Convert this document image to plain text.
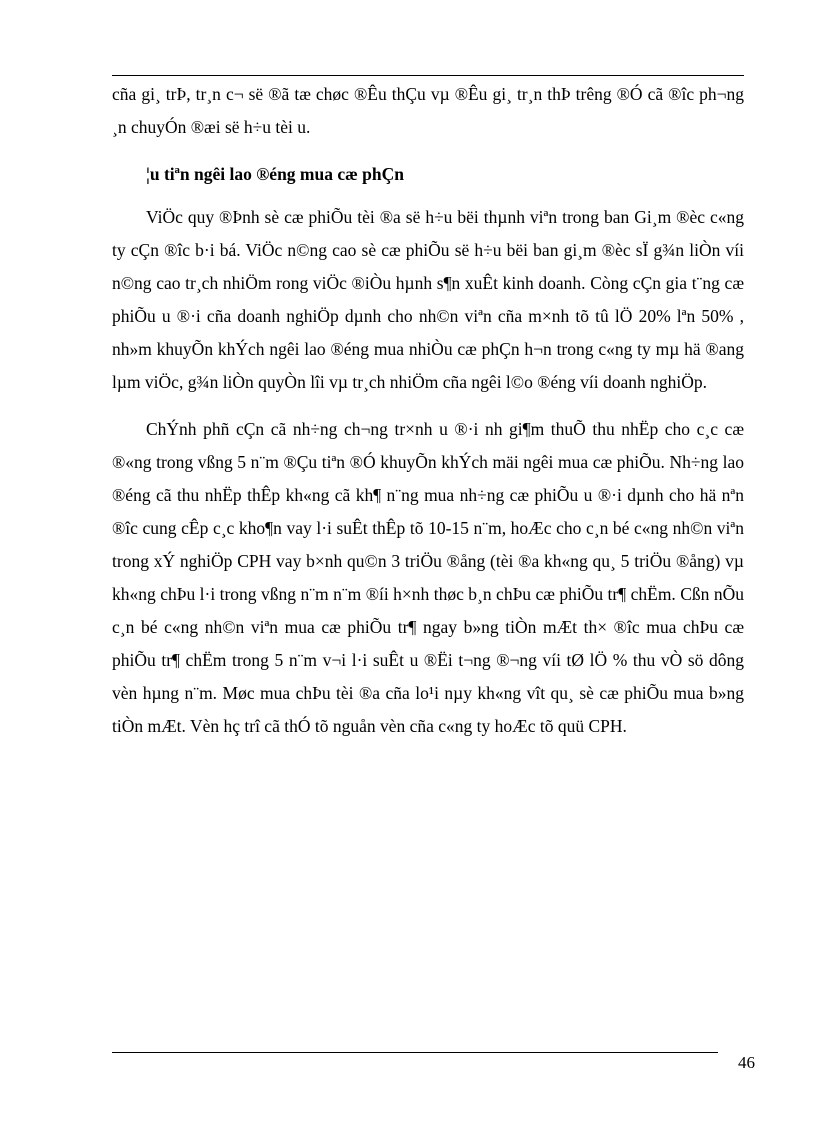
cña gi¸ trÞ, tr¸n c¬ së ®ã tæ chøc ®Êu thÇu vµ ®Êu gi¸ tr¸n thÞ trêng ®Ó cã ®îc ph¬ng ¸n chuyÓn ®æi së h÷u tèi u.

¦u tiªn ngêi lao ®éng mua cæ phÇn

ViÖc quy ®Þnh sè cæ phiÕu tèi ®a së h÷u bëi thµnh viªn trong ban Gi¸m ®èc c«ng ty cÇn ®îc b·i bá. ViÖc n©ng cao sè cæ phiÕu së h÷u bëi ban gi¸m ®èc sÏ g¾n liÒn víi n©ng cao tr¸ch nhiÖm rong viÖc ®iÒu hµnh s¶n xuÊt kinh doanh. Còng cÇn gia t¨ng cæ phiÕu u ®·i cña doanh nghiÖp dµnh cho nh©n viªn cña m×nh tõ tû lÖ 20% lªn 50% , nh»m khuyÕn khÝch ngêi lao ®éng mua nhiÒu cæ phÇn h¬n trong c«ng ty mµ hä ®ang lµm viÖc, g¾n liÒn quyÒn lîi vµ tr¸ch nhiÖm cña ngêi l©o ®éng víi doanh nghiÖp.

ChÝnh phñ cÇn cã nh÷ng ch¬ng tr×nh u ®·i nh gi¶m thuÕ thu nhËp cho c¸c cæ ®«ng trong vßng 5 n¨m ®Çu tiªn ®Ó khuyÕn khÝch mäi ngêi mua cæ phiÕu. Nh÷ng lao ®éng cã thu nhËp thÊp kh«ng cã kh¶ n¨ng mua nh÷ng cæ phiÕu u ®·i dµnh cho hä nªn ®îc cung cÊp c¸c kho¶n vay l·i suÊt thÊp tõ 10-15 n¨m, hoÆc cho c¸n bé c«ng nh©n viªn trong xÝ nghiÖp CPH vay b×nh qu©n 3 triÖu ®ång (tèi ®a kh«ng qu¸ 5 triÖu ®ång) vµ kh«ng chÞu l·i trong vßng n¨m n¨m ®íi h×nh thøc b¸n chÞu cæ phiÕu tr¶ chËm. Cßn nÕu c¸n bé c«ng nh©n viªn mua cæ phiÕu tr¶ ngay b»ng tiÒn mÆt th× ®îc mua chÞu cæ phiÕu tr¶ chËm trong 5 n¨m v¬i l·i suÊt u ®Ëi t¬ng ®¬ng víi tØ lÖ % thu vÒ sö dông vèn hµng n¨m. Møc mua chÞu tèi ®a cña lo¹i nµy kh«ng vît qu¸ sè cæ phiÕu mua b»ng tiÒn mÆt. Vèn hç trî cã thÓ tõ nguån vèn cña c«ng ty hoÆc tõ quü CPH.

46
